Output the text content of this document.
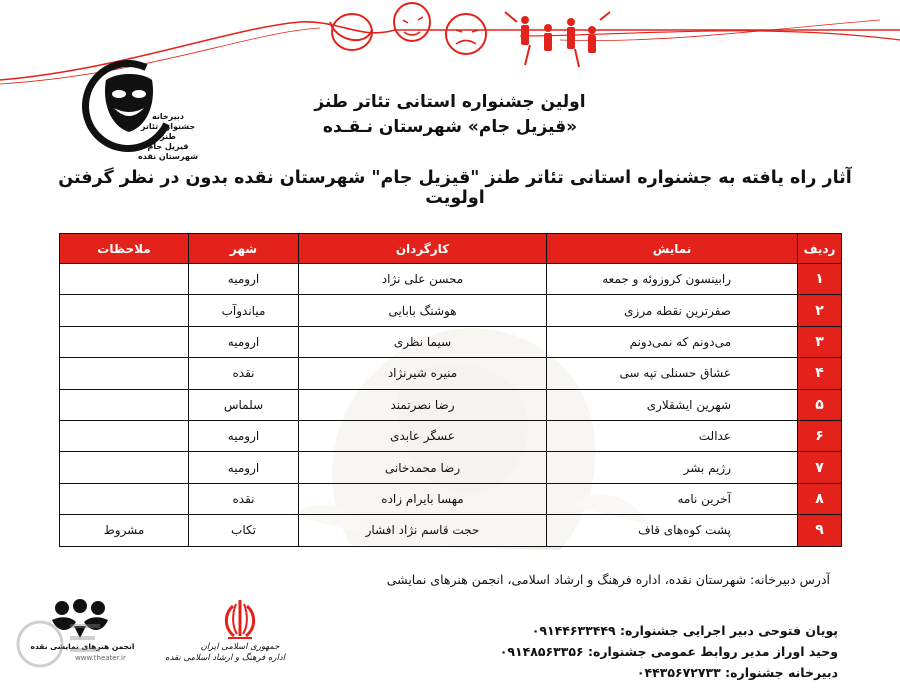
دبیرخانه
جشنواره تئاتر طنز
قیزیل جام
شهرستان نقده
اولین جشنواره استانی تئاتر طنز
«قیزیل جام» شهرستان نـقـده
آثار راه یافته به جشنواره استانی تئاتر طنز "قیزیل جام" شهرستان نقده بدون در نظر گرفتن اولویت
ردیف	نمایش	کارگردان	شهر	ملاحظات
۱	رابینسون کروزوئه و جمعه	محسن علی نژاد	ارومیه	
۲	صفرترین نقطه مرزی	هوشنگ بابایی	میاندوآب	
۳	می‌دونم که نمی‌دونم	سیما نظری	ارومیه	
۴	عشاق حسنلی تپه سی	منیره شیرنژاد	نقده	
۵	شهرین ایشقلاری	رضا نصرتمند	سلماس	
۶	عدالت	عسگر عابدی	ارومیه	
۷	رژیم بشر	رضا محمدخانی	ارومیه	
۸	آخرین نامه	مهسا بایرام زاده	نقده	
۹	پشت کوه‌های قاف	حجت قاسم نژاد افشار	تکاب	مشروط
آدرس دبیرخانه: شهرستان نقده، اداره فرهنگ و ارشاد اسلامی، انجمن هنرهای نمایشی
پویان فتوحی دبیر اجرایی جشنواره: ۰۹۱۴۴۶۳۳۴۴۹
وحید اوراز مدیر روابط عمومی جشنواره: ۰۹۱۴۸۵۶۳۳۵۶
دبیرخانه جشنواره: ۰۴۴۳۵۶۷۲۷۳۳
جمهوری اسلامی ایران
اداره فرهنگ و ارشاد اسلامی نقده
انجمن هنرهای نمایشی نقده
www.theater.ir
